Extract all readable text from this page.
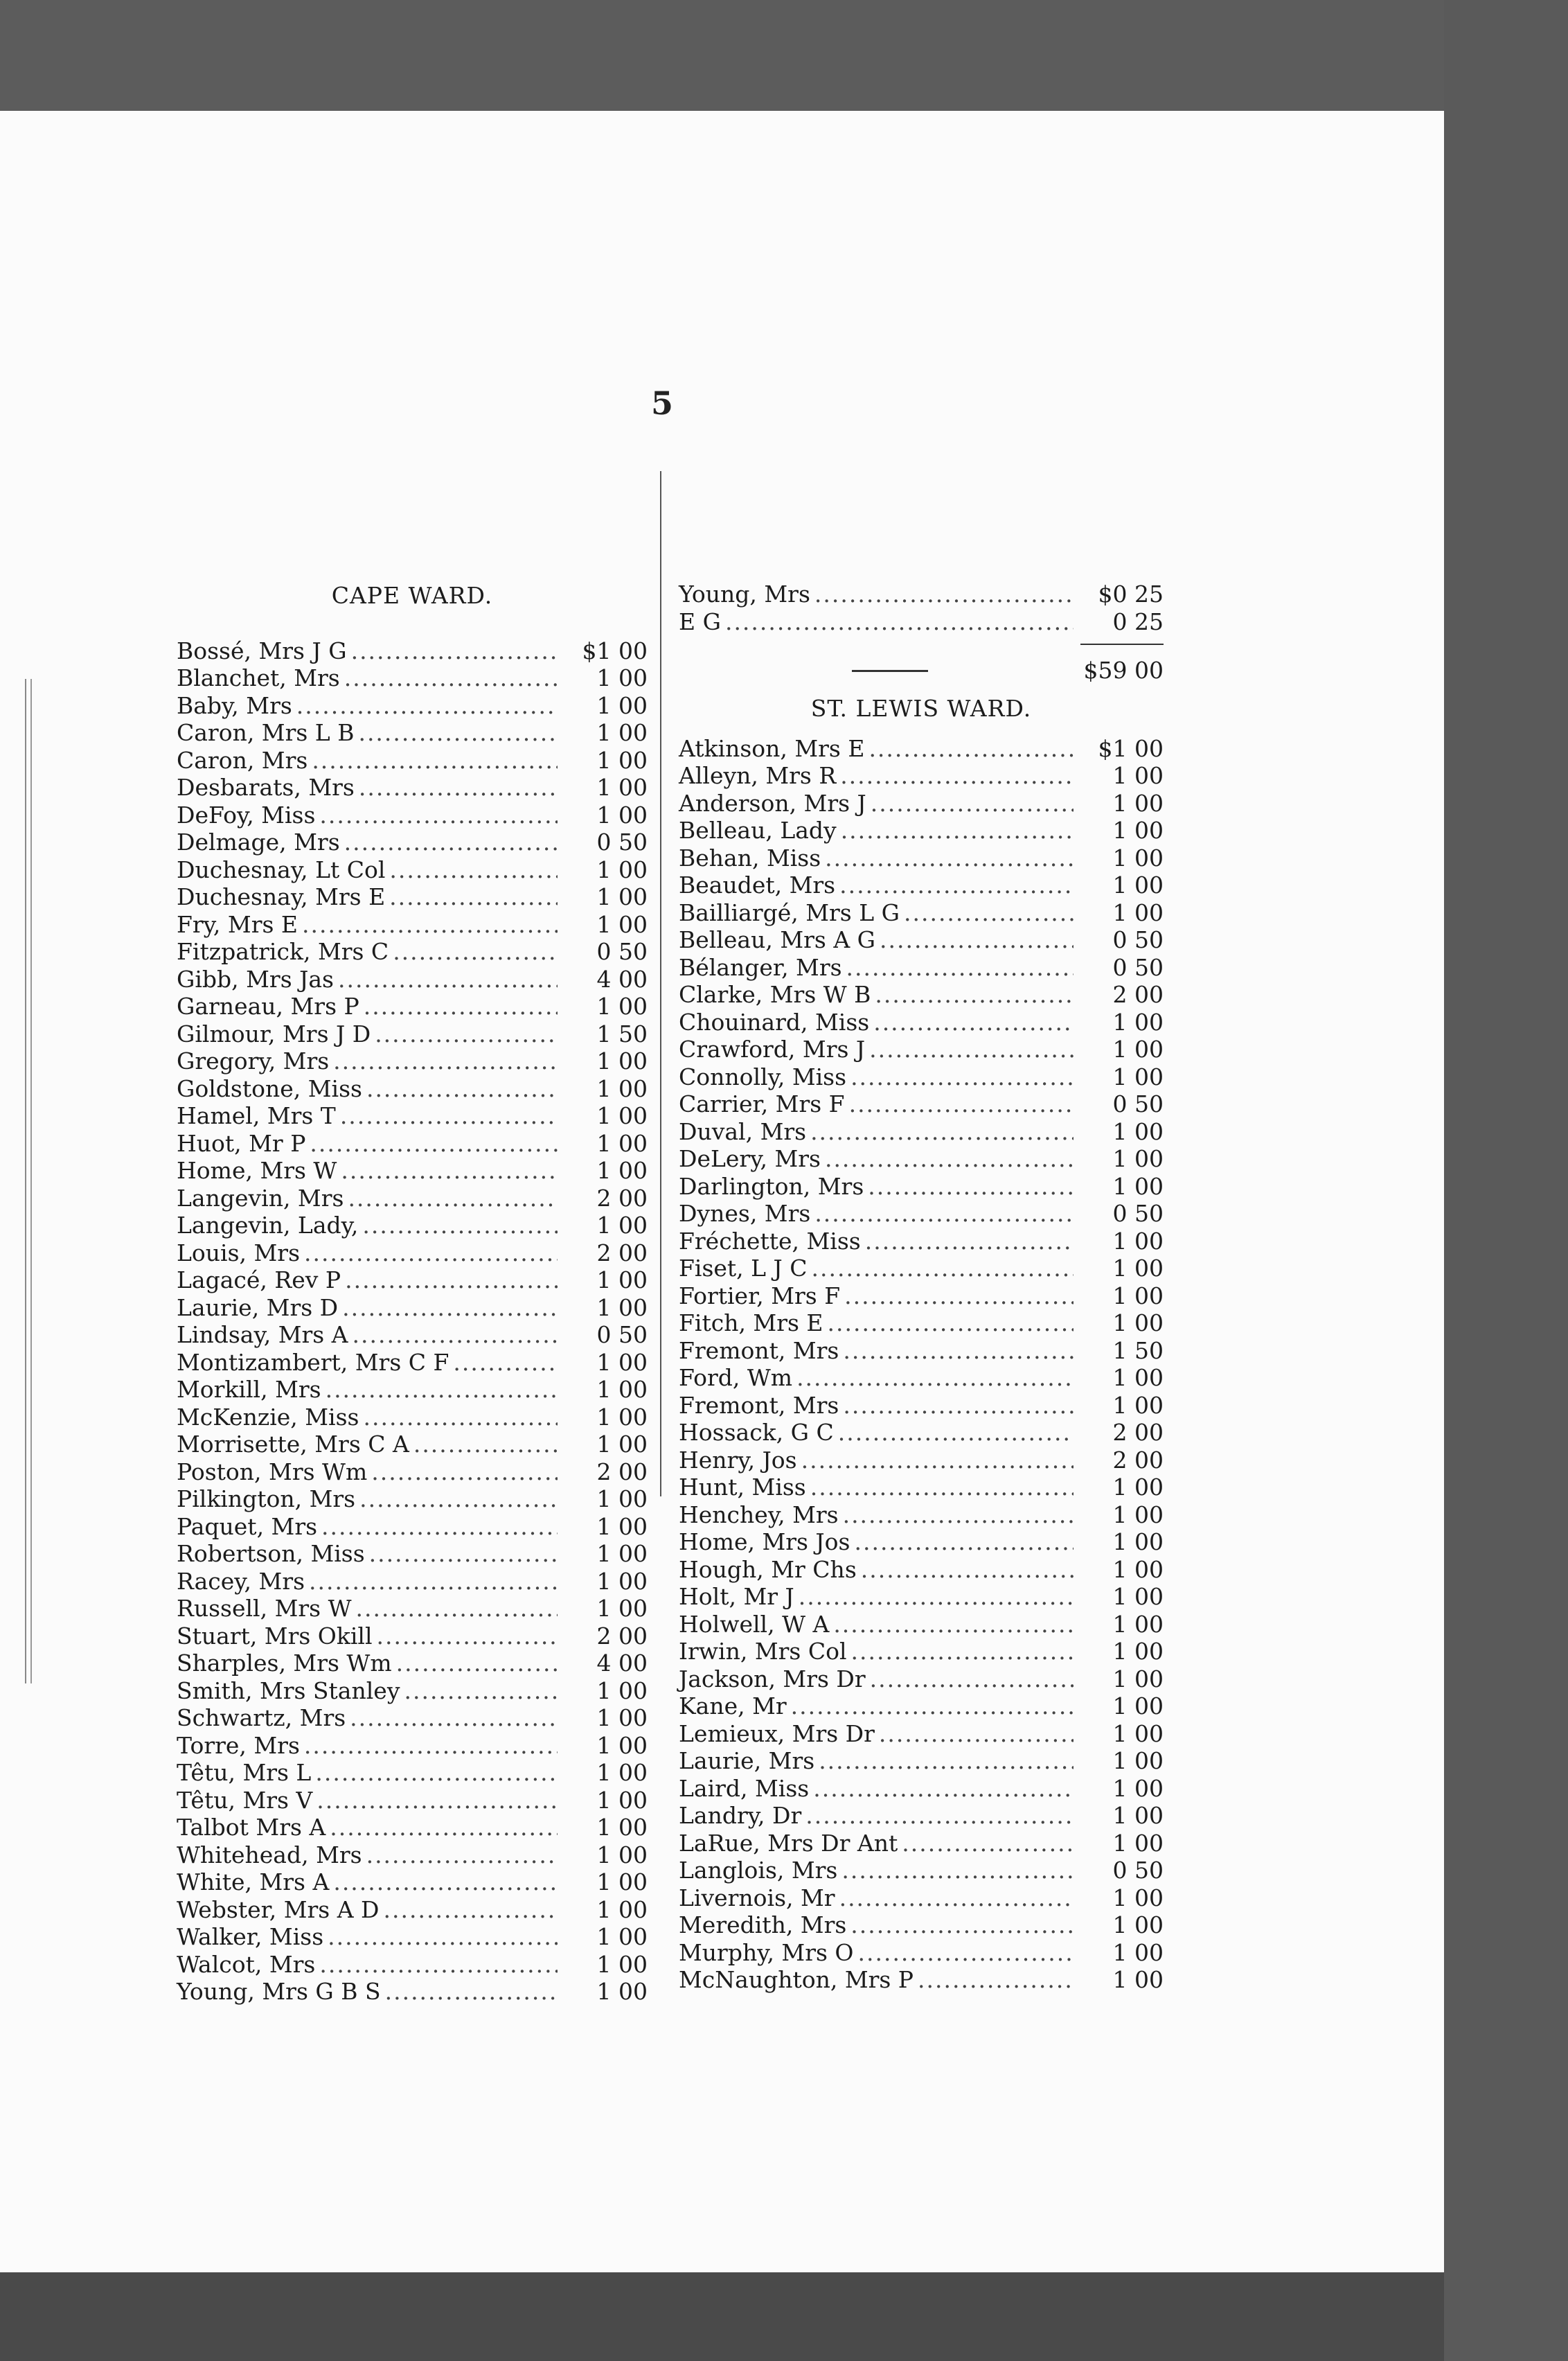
5
CAPE WARD.
Bossé, Mrs J G .....	$1 00
Blanchet, Mrs .....	1 00
Baby, Mrs .....	1 00
Caron, Mrs L B .....	1 00
Caron, Mrs .....	1 00
Desbarats, Mrs .....	1 00
DeFoy, Miss .....	1 00
Delmage, Mrs .....	0 50
Duchesnay, Lt Col .....	1 00
Duchesnay, Mrs E .....	1 00
Fry, Mrs E .....	1 00
Fitzpatrick, Mrs C .....	0 50
Gibb, Mrs Jas .....	4 00
Garneau, Mrs P .....	1 00
Gilmour, Mrs J D .....	1 50
Gregory, Mrs .....	1 00
Goldstone, Miss .....	1 00
Hamel, Mrs T .....	1 00
Huot, Mr P .....	1 00
Home, Mrs W .....	1 00
Langevin, Mrs .....	2 00
Langevin, Lady, .....	1 00
Louis, Mrs .....	2 00
Lagacé, Rev P .....	1 00
Laurie, Mrs D .....	1 00
Lindsay, Mrs A .....	0 50
Montizambert, Mrs C F .....	1 00
Morkill, Mrs .....	1 00
McKenzie, Miss .....	1 00
Morrisette, Mrs C A .....	1 00
Poston, Mrs Wm .....	2 00
Pilkington, Mrs .....	1 00
Paquet, Mrs .....	1 00
Robertson, Miss .....	1 00
Racey, Mrs .....	1 00
Russell, Mrs W .....	1 00
Stuart, Mrs Okill .....	2 00
Sharples, Mrs Wm .....	4 00
Smith, Mrs Stanley .....	1 00
Schwartz, Mrs .....	1 00
Torre, Mrs .....	1 00
Têtu, Mrs L .....	1 00
Têtu, Mrs V .....	1 00
Talbot Mrs A .....	1 00
Whitehead, Mrs .....	1 00
White, Mrs A .....	1 00
Webster, Mrs A D .....	1 00
Walker, Miss .....	1 00
Walcot, Mrs .....	1 00
Young, Mrs G B S .....	1 00
Young, Mrs .....	$0 25
E G .....	0 25
$59 00
ST. LEWIS WARD.
Atkinson, Mrs E .....	$1 00
Alleyn, Mrs R .....	1 00
Anderson, Mrs J .....	1 00
Belleau, Lady .....	1 00
Behan, Miss .....	1 00
Beaudet, Mrs .....	1 00
Bailliargé, Mrs L G .....	1 00
Belleau, Mrs A G .....	0 50
Bélanger, Mrs .....	0 50
Clarke, Mrs W B .....	2 00
Chouinard, Miss .....	1 00
Crawford, Mrs J .....	1 00
Connolly, Miss .....	1 00
Carrier, Mrs F .....	0 50
Duval, Mrs .....	1 00
DeLery, Mrs .....	1 00
Darlington, Mrs .....	1 00
Dynes, Mrs .....	0 50
Fréchette, Miss .....	1 00
Fiset, L J C .....	1 00
Fortier, Mrs F .....	1 00
Fitch, Mrs E .....	1 00
Fremont, Mrs .....	1 50
Ford, Wm .....	1 00
Fremont, Mrs .....	1 00
Hossack, G C .....	2 00
Henry, Jos .....	2 00
Hunt, Miss .....	1 00
Henchey, Mrs .....	1 00
Home, Mrs Jos .....	1 00
Hough, Mr Chs .....	1 00
Holt, Mr J .....	1 00
Holwell, W A .....	1 00
Irwin, Mrs Col .....	1 00
Jackson, Mrs Dr .....	1 00
Kane, Mr .....	1 00
Lemieux, Mrs Dr .....	1 00
Laurie, Mrs .....	1 00
Laird, Miss .....	1 00
Landry, Dr .....	1 00
LaRue, Mrs Dr Ant .....	1 00
Langlois, Mrs .....	0 50
Livernois, Mr .....	1 00
Meredith, Mrs .....	1 00
Murphy, Mrs O .....	1 00
McNaughton, Mrs P .....	1 00
